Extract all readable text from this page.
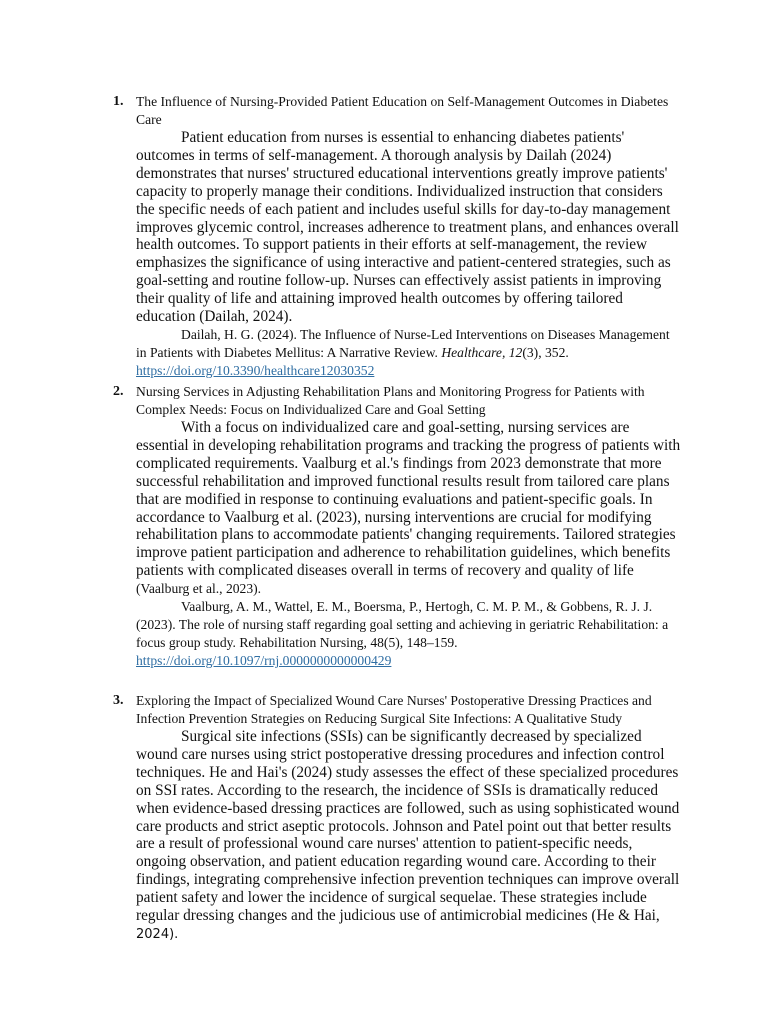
1. The Influence of Nursing-Provided Patient Education on Self-Management Outcomes in Diabetes Care

Patient education from nurses is essential to enhancing diabetes patients' outcomes in terms of self-management. A thorough analysis by Dailah (2024) demonstrates that nurses' structured educational interventions greatly improve patients' capacity to properly manage their conditions. Individualized instruction that considers the specific needs of each patient and includes useful skills for day-to-day management improves glycemic control, increases adherence to treatment plans, and enhances overall health outcomes. To support patients in their efforts at self-management, the review emphasizes the significance of using interactive and patient-centered strategies, such as goal-setting and routine follow-up. Nurses can effectively assist patients in improving their quality of life and attaining improved health outcomes by offering tailored education (Dailah, 2024).

Dailah, H. G. (2024). The Influence of Nurse-Led Interventions on Diseases Management in Patients with Diabetes Mellitus: A Narrative Review. Healthcare, 12(3), 352.

https://doi.org/10.3390/healthcare12030352
2. Nursing Services in Adjusting Rehabilitation Plans and Monitoring Progress for Patients with Complex Needs: Focus on Individualized Care and Goal Setting

With a focus on individualized care and goal-setting, nursing services are essential in developing rehabilitation programs and tracking the progress of patients with complicated requirements. Vaalburg et al.'s findings from 2023 demonstrate that more successful rehabilitation and improved functional results result from tailored care plans that are modified in response to continuing evaluations and patient-specific goals. In accordance to Vaalburg et al. (2023), nursing interventions are crucial for modifying rehabilitation plans to accommodate patients' changing requirements. Tailored strategies improve patient participation and adherence to rehabilitation guidelines, which benefits patients with complicated diseases overall in terms of recovery and quality of life

(Vaalburg et al., 2023).

Vaalburg, A. M., Wattel, E. M., Boersma, P., Hertogh, C. M. P. M., & Gobbens, R. J. J. (2023). The role of nursing staff regarding goal setting and achieving in geriatric Rehabilitation: a focus group study. Rehabilitation Nursing, 48(5), 148–159.

https://doi.org/10.1097/rnj.0000000000000429
3. Exploring the Impact of Specialized Wound Care Nurses' Postoperative Dressing Practices and Infection Prevention Strategies on Reducing Surgical Site Infections: A Qualitative Study

Surgical site infections (SSIs) can be significantly decreased by specialized wound care nurses using strict postoperative dressing procedures and infection control techniques. He and Hai's (2024) study assesses the effect of these specialized procedures on SSI rates. According to the research, the incidence of SSIs is dramatically reduced when evidence-based dressing practices are followed, such as using sophisticated wound care products and strict aseptic protocols. Johnson and Patel point out that better results are a result of professional wound care nurses' attention to patient-specific needs, ongoing observation, and patient education regarding wound care. According to their findings, integrating comprehensive infection prevention techniques can improve overall patient safety and lower the incidence of surgical sequelae. These strategies include regular dressing changes and the judicious use of antimicrobial medicines (He & Hai, 2024).
